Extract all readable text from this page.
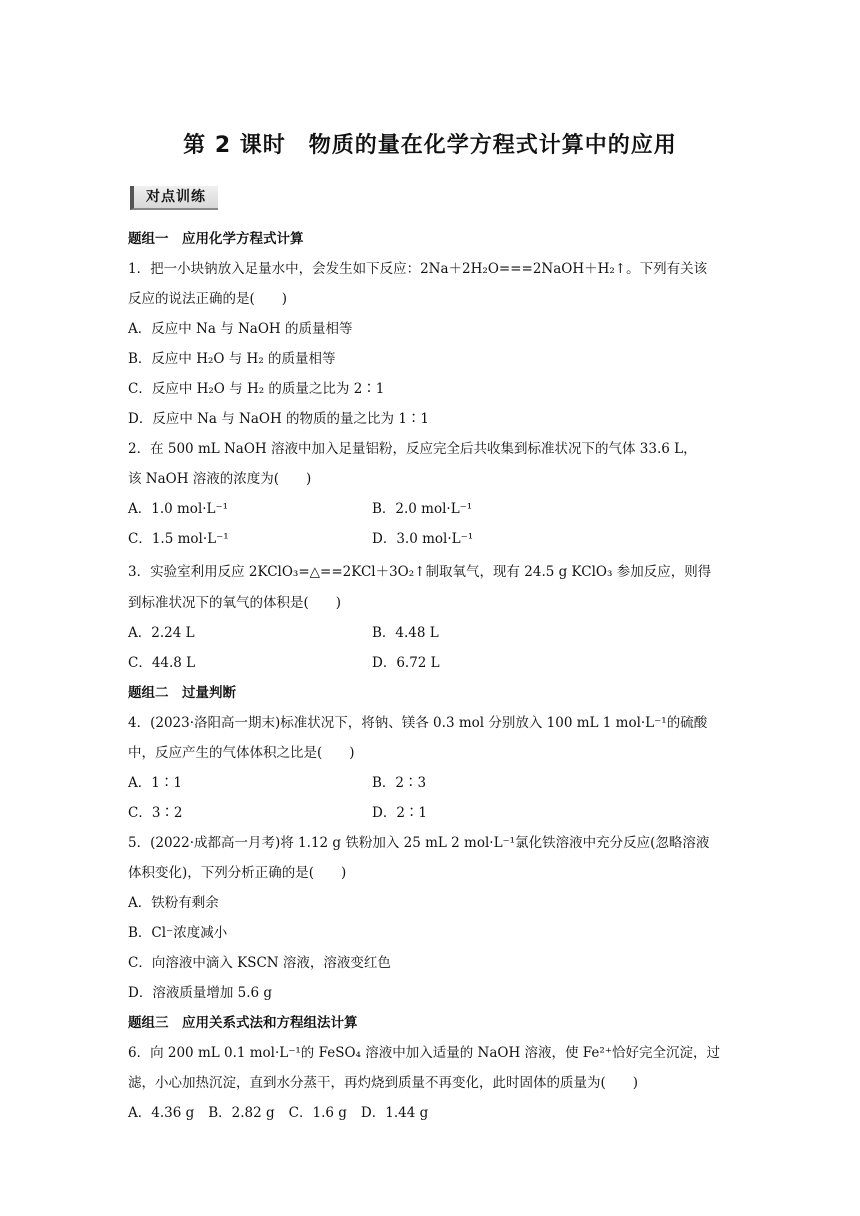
第 2 课时　物质的量在化学方程式计算中的应用
对点训练
题组一　应用化学方程式计算
1．把一小块钠放入足量水中，会发生如下反应：2Na＋2H₂O===2NaOH＋H₂↑。下列有关该
反应的说法正确的是(　　)
A．反应中 Na 与 NaOH 的质量相等
B．反应中 H₂O 与 H₂ 的质量相等
C．反应中 H₂O 与 H₂ 的质量之比为 2∶1
D．反应中 Na 与 NaOH 的物质的量之比为 1∶1
2．在 500 mL NaOH 溶液中加入足量铝粉，反应完全后共收集到标准状况下的气体 33.6 L，
该 NaOH 溶液的浓度为(　　)
A．1.0 mol·L⁻¹	B．2.0 mol·L⁻¹
C．1.5 mol·L⁻¹	D．3.0 mol·L⁻¹
3．实验室利用反应 2KClO₃=△==2KCl＋3O₂↑制取氧气，现有 24.5 g KClO₃ 参加反应，则得
到标准状况下的氧气的体积是(　　)
A．2.24 L	B．4.48 L
C．44.8 L	D．6.72 L
题组二　过量判断
4．(2023·洛阳高一期末)标准状况下，将钠、镁各 0.3 mol 分别放入 100 mL 1 mol·L⁻¹的硫酸
中，反应产生的气体体积之比是(　　)
A．1∶1	B．2∶3
C．3∶2	D．2∶1
5．(2022·成都高一月考)将 1.12 g 铁粉加入 25 mL 2 mol·L⁻¹氯化铁溶液中充分反应(忽略溶液
体积变化)，下列分析正确的是(　　)
A．铁粉有剩余
B．Cl⁻浓度减小
C．向溶液中滴入 KSCN 溶液，溶液变红色
D．溶液质量增加 5.6 g
题组三　应用关系式法和方程组法计算
6．向 200 mL 0.1 mol·L⁻¹的 FeSO₄ 溶液中加入适量的 NaOH 溶液，使 Fe²⁺恰好完全沉淀，过
滤，小心加热沉淀，直到水分蒸干，再灼烧到质量不再变化，此时固体的质量为(　　)
A．4.36 g B．2.82 g C．1.6 g D．1.44 g
